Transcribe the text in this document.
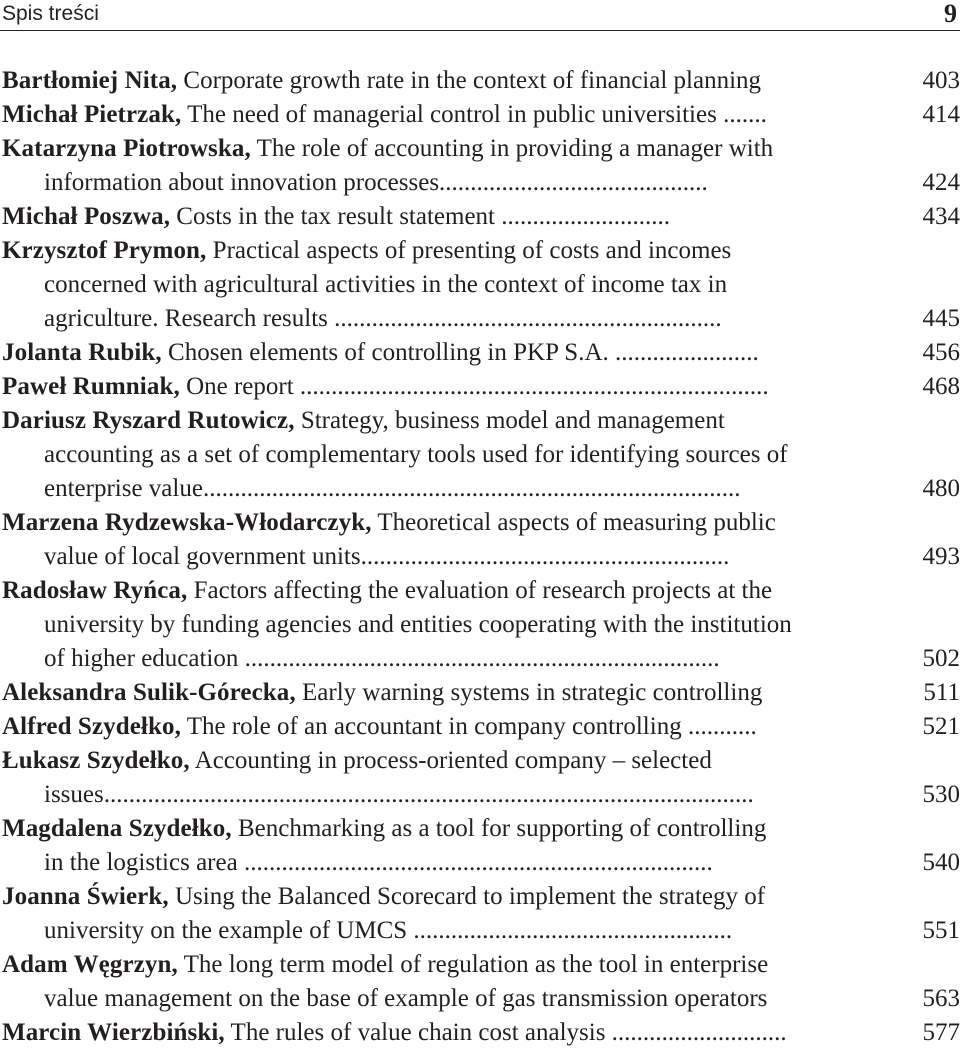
Spis treści	9
Bartłomiej Nita, Corporate growth rate in the context of financial planning	403
Michał Pietrzak, The need of managerial control in public universities .......	414
Katarzyna Piotrowska, The role of accounting in providing a manager with
information about innovation processes...........................................	424
Michał Poszwa, Costs in the tax result statement ...........................	434
Krzysztof Prymon, Practical aspects of presenting of costs and incomes
concerned with agricultural activities in the context of income tax in
agriculture. Research results ..............................................................	445
Jolanta Rubik, Chosen elements of controlling in PKP S.A. .......................	456
Paweł Rumniak, One report ...........................................................................	468
Dariusz Ryszard Rutowicz, Strategy, business model and management
accounting as a set of complementary tools used for identifying sources of
enterprise value......................................................................................	480
Marzena Rydzewska-Włodarczyk, Theoretical aspects of measuring public
value of local government units...........................................................	493
Radosław Ryńca, Factors affecting the evaluation of research projects at the
university by funding agencies and entities cooperating with the institution
of higher education ............................................................................	502
Aleksandra Sulik-Górecka, Early warning systems in strategic controlling	511
Alfred Szydełko, The role of an accountant in company controlling ...........	521
Łukasz Szydełko, Accounting in process-oriented company – selected
issues........................................................................................................	530
Magdalena Szydełko, Benchmarking as a tool for supporting of controlling
in the logistics area ...........................................................................	540
Joanna Świerk, Using the Balanced Scorecard to implement the strategy of
university on the example of UMCS ...................................................	551
Adam Węgrzyn, The long term model of regulation as the tool in enterprise
value management on the base of example of gas transmission operators	563
Marcin Wierzbiński, The rules of value chain cost analysis ............................	577
